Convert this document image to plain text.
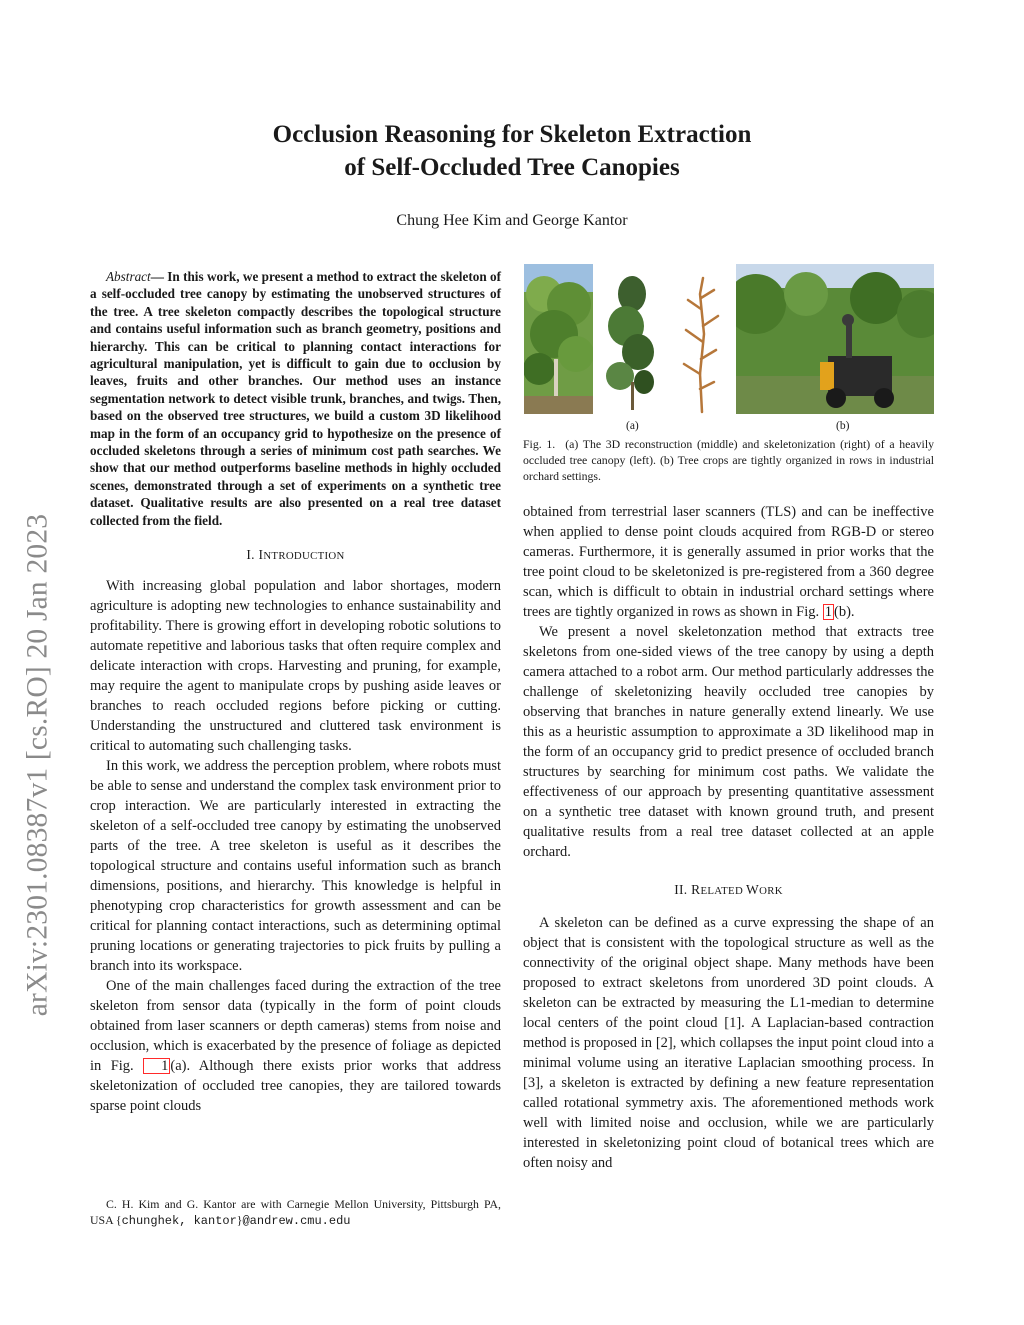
arXiv:2301.08387v1 [cs.RO] 20 Jan 2023
Occlusion Reasoning for Skeleton Extraction
of Self-Occluded Tree Canopies
Chung Hee Kim and George Kantor

Abstract— In this work, we present a method to extract the skeleton of a self-occluded tree canopy by estimating the unobserved structures of the tree. A tree skeleton compactly describes the topological structure and contains useful information such as branch geometry, positions and hierarchy. This can be critical to planning contact interactions for agricultural manipulation, yet is difficult to gain due to occlusion by leaves, fruits and other branches. Our method uses an instance segmentation network to detect visible trunk, branches, and twigs. Then, based on the observed tree structures, we build a custom 3D likelihood map in the form of an occupancy grid to hypothesize on the presence of occluded skeletons through a series of minimum cost path searches. We show that our method outperforms baseline methods in highly occluded scenes, demonstrated through a set of experiments on a synthetic tree dataset. Qualitative results are also presented on a real tree dataset collected from the field.

I. INTRODUCTION

With increasing global population and labor shortages, modern agriculture is adopting new technologies to enhance sustainability and profitability. There is growing effort in developing robotic solutions to automate repetitive and laborious tasks that often require complex and delicate interaction with crops. Harvesting and pruning, for example, may require the agent to manipulate crops by pushing aside leaves or branches to reach occluded regions before picking or cutting. Understanding the unstructured and cluttered task environment is critical to automating such challenging tasks.

In this work, we address the perception problem, where robots must be able to sense and understand the complex task environment prior to crop interaction. We are particularly interested in extracting the skeleton of a self-occluded tree canopy by estimating the unobserved parts of the tree. A tree skeleton is useful as it describes the topological structure and contains useful information such as branch dimensions, positions, and hierarchy. This knowledge is helpful in phenotyping crop characteristics for growth assessment and can be critical for planning contact interactions, such as determining optimal pruning locations or generating trajectories to pick fruits by pulling a branch into its workspace.

One of the main challenges faced during the extraction of the tree skeleton from sensor data (typically in the form of point clouds obtained from laser scanners or depth cameras) stems from noise and occlusion, which is exacerbated by the presence of foliage as depicted in Fig. 1 (a). Although there exists prior works that address skeletonization of occluded tree canopies, they are tailored towards sparse point clouds

C. H. Kim and G. Kantor are with Carnegie Mellon University, Pittsburgh PA, USA {chunghek, kantor}@andrew.cmu.edu
(a)	(b)

Fig. 1. (a) The 3D reconstruction (middle) and skeletonization (right) of a heavily occluded tree canopy (left). (b) Tree crops are tightly organized in rows in industrial orchard settings.

obtained from terrestrial laser scanners (TLS) and can be ineffective when applied to dense point clouds acquired from RGB-D or stereo cameras. Furthermore, it is generally assumed in prior works that the tree point cloud to be skeletonized is pre-registered from a 360 degree scan, which is difficult to obtain in industrial orchard settings where trees are tightly organized in rows as shown in Fig. 1 (b).

We present a novel skeletonzation method that extracts tree skeletons from one-sided views of the tree canopy by using a depth camera attached to a robot arm. Our method particularly addresses the challenge of skeletonizing heavily occluded tree canopies by observing that branches in nature generally extend linearly. We use this as a heuristic assumption to approximate a 3D likelihood map in the form of an occupancy grid to predict presence of occluded branch structures by searching for minimum cost paths. We validate the effectiveness of our approach by presenting quantitative assessment on a synthetic tree dataset with known ground truth, and present qualitative results from a real tree dataset collected at an apple orchard.

II. RELATED WORK

A skeleton can be defined as a curve expressing the shape of an object that is consistent with the topological structure as well as the connectivity of the original object shape. Many methods have been proposed to extract skeletons from unordered 3D point clouds. A skeleton can be extracted by measuring the L1-median to determine local centers of the point cloud [1]. A Laplacian-based contraction method is proposed in [2], which collapses the input point cloud into a minimal volume using an iterative Laplacian smoothing process. In [3], a skeleton is extracted by defining a new feature representation called rotational symmetry axis. The aforementioned methods work well with limited noise and occlusion, while we are particularly interested in skeletonizing point cloud of botanical trees which are often noisy and
